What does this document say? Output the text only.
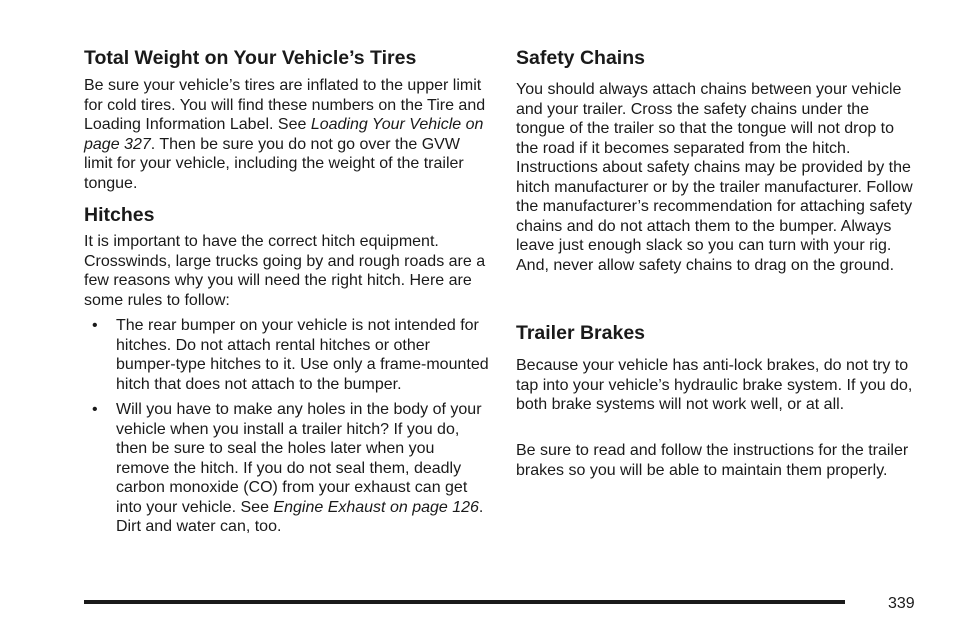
Total Weight on Your Vehicle’s Tires

Be sure your vehicle’s tires are inflated to the upper limit for cold tires. You will find these numbers on the Tire and Loading Information Label. See Loading Your Vehicle on page 327. Then be sure you do not go over the GVW limit for your vehicle, including the weight of the trailer tongue.

Hitches

It is important to have the correct hitch equipment. Crosswinds, large trucks going by and rough roads are a few reasons why you will need the right hitch. Here are some rules to follow:

• The rear bumper on your vehicle is not intended for hitches. Do not attach rental hitches or other bumper-type hitches to it. Use only a frame-mounted hitch that does not attach to the bumper.
• Will you have to make any holes in the body of your vehicle when you install a trailer hitch? If you do, then be sure to seal the holes later when you remove the hitch. If you do not seal them, deadly carbon monoxide (CO) from your exhaust can get into your vehicle. See Engine Exhaust on page 126. Dirt and water can, too.
Safety Chains

You should always attach chains between your vehicle and your trailer. Cross the safety chains under the tongue of the trailer so that the tongue will not drop to the road if it becomes separated from the hitch. Instructions about safety chains may be provided by the hitch manufacturer or by the trailer manufacturer. Follow the manufacturer’s recommendation for attaching safety chains and do not attach them to the bumper. Always leave just enough slack so you can turn with your rig. And, never allow safety chains to drag on the ground.

Trailer Brakes

Because your vehicle has anti-lock brakes, do not try to tap into your vehicle’s hydraulic brake system. If you do, both brake systems will not work well, or at all.

Be sure to read and follow the instructions for the trailer brakes so you will be able to maintain them properly.

339
